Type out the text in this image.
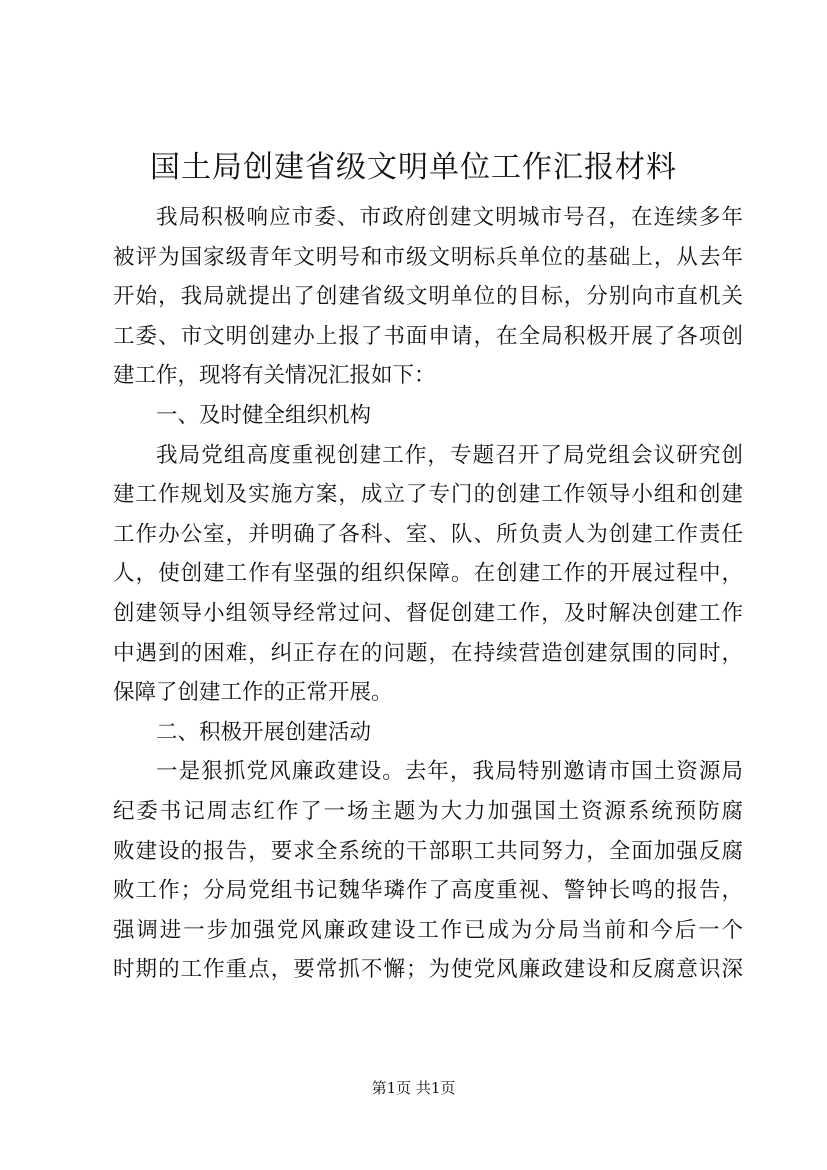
国土局创建省级文明单位工作汇报材料
我局积极响应市委、市政府创建文明城市号召，在连续多年
被评为国家级青年文明号和市级文明标兵单位的基础上，从去年
开始，我局就提出了创建省级文明单位的目标，分别向市直机关
工委、市文明创建办上报了书面申请，在全局积极开展了各项创
建工作，现将有关情况汇报如下：
一、及时健全组织机构
我局党组高度重视创建工作，专题召开了局党组会议研究创
建工作规划及实施方案，成立了专门的创建工作领导小组和创建
工作办公室，并明确了各科、室、队、所负责人为创建工作责任
人，使创建工作有坚强的组织保障。在创建工作的开展过程中，
创建领导小组领导经常过问、督促创建工作，及时解决创建工作
中遇到的困难，纠正存在的问题，在持续营造创建氛围的同时，
保障了创建工作的正常开展。
二、积极开展创建活动
一是狠抓党风廉政建设。去年，我局特别邀请市国土资源局
纪委书记周志红作了一场主题为大力加强国土资源系统预防腐
败建设的报告，要求全系统的干部职工共同努力，全面加强反腐
败工作；分局党组书记魏华璘作了高度重视、警钟长鸣的报告，
强调进一步加强党风廉政建设工作已成为分局当前和今后一个
时期的工作重点，要常抓不懈；为使党风廉政建设和反腐意识深
第1页 共1页
